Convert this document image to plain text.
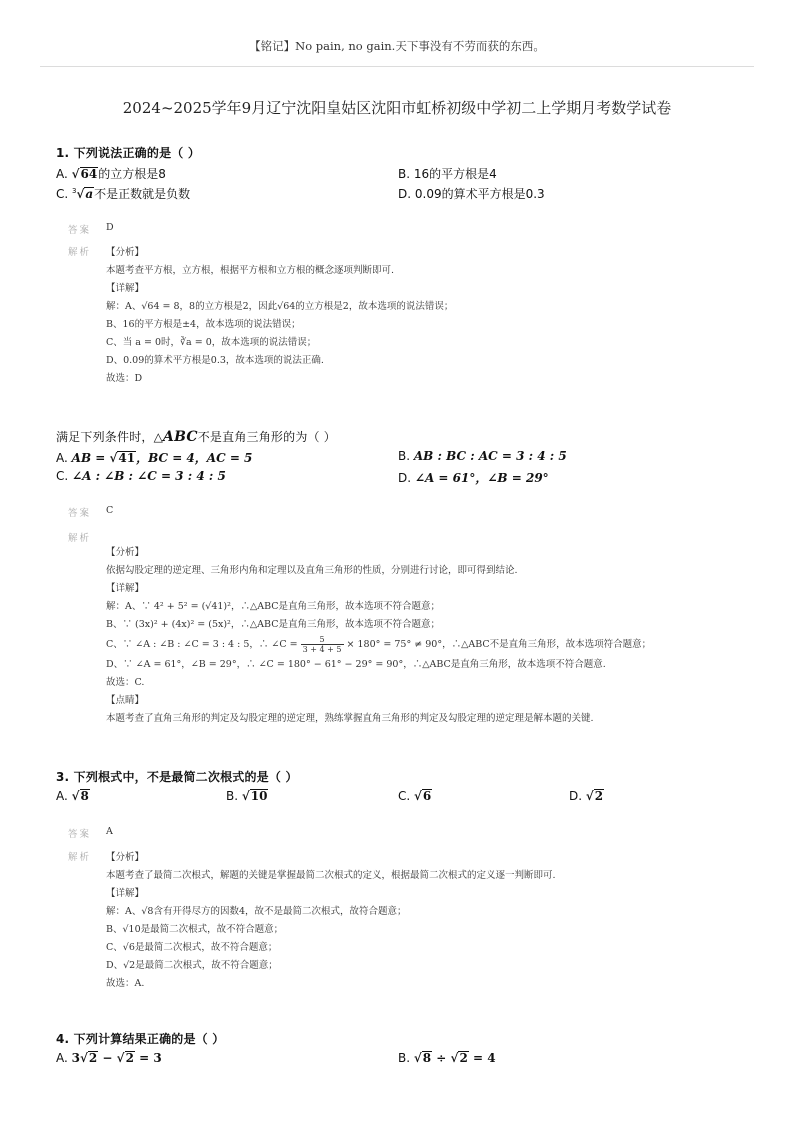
【铭记】No pain, no gain.天下事没有不劳而获的东西。
2024~2025学年9月辽宁沈阳皇姑区沈阳市虹桥初级中学初二上学期月考数学试卷
1. 下列说法正确的是（ ）
A. √64的立方根是8	B. 16的平方根是4
C. $^3$√a不是正数就是负数	D. 0.09的算术平方根是0.3
答案 D
解析 【分析】
本题考查平方根，立方根，根据平方根和立方根的概念逐项判断即可.
【详解】
解：A、√64 = 8，8的立方根是2，因此√64的立方根是2，故本选项的说法错误；
B、16的平方根是±4，故本选项的说法错误；
C、当 a = 0时，∛a = 0，故本选项的说法错误；
D、0.09的算术平方根是0.3，故本选项的说法正确.
故选：D
满足下列条件时，△ABC不是直角三角形的为（ ）
A. AB = √41，BC = 4，AC = 5	B. AB : BC : AC = 3 : 4 : 5
C. ∠A : ∠B : ∠C = 3 : 4 : 5	D. ∠A = 61°，∠B = 29°
答案 C
解析
【分析】
依据勾股定理的逆定理、三角形内角和定理以及直角三角形的性质，分别进行讨论，即可得到结论.
【详解】
解：A、∵ 4² + 5² = (√41)²，∴△ABC是直角三角形，故本选项不符合题意；
B、∵ (3x)² + (4x)² = (5x)²，∴△ABC是直角三角形，故本选项不符合题意；
C、∵ ∠A : ∠B : ∠C = 3 : 4 : 5，∴ ∠C = $\frac{5}{3 + 4 + 5} \times 180^\circ = 75^\circ \ne 90^\circ$，∴△ABC不是直角三角形，故本选项符合题意；
D、∵ ∠A = 61°，∠B = 29°，∴ ∠C = 180° − 61° − 29° = 90°，∴△ABC是直角三角形，故本选项不符合题意.
故选：C.
【点睛】
本题考查了直角三角形的判定及勾股定理的逆定理，熟练掌握直角三角形的判定及勾股定理的逆定理是解本题的关键.
3. 下列根式中，不是最简二次根式的是（ ）
A. √8	B. √10	C. √6	D. √2
答案 A
解析 【分析】
本题考查了最简二次根式，解题的关键是掌握最简二次根式的定义，根据最简二次根式的定义逐一判断即可.
【详解】
解：A、√8含有开得尽方的因数4，故不是最简二次根式，故符合题意；
B、√10是最简二次根式，故不符合题意；
C、√6是最简二次根式，故不符合题意；
D、√2是最简二次根式，故不符合题意；
故选：A.
4. 下列计算结果正确的是（ ）
A. 3√2 − √2 = 3	B. √8 ÷ √2 = 4
